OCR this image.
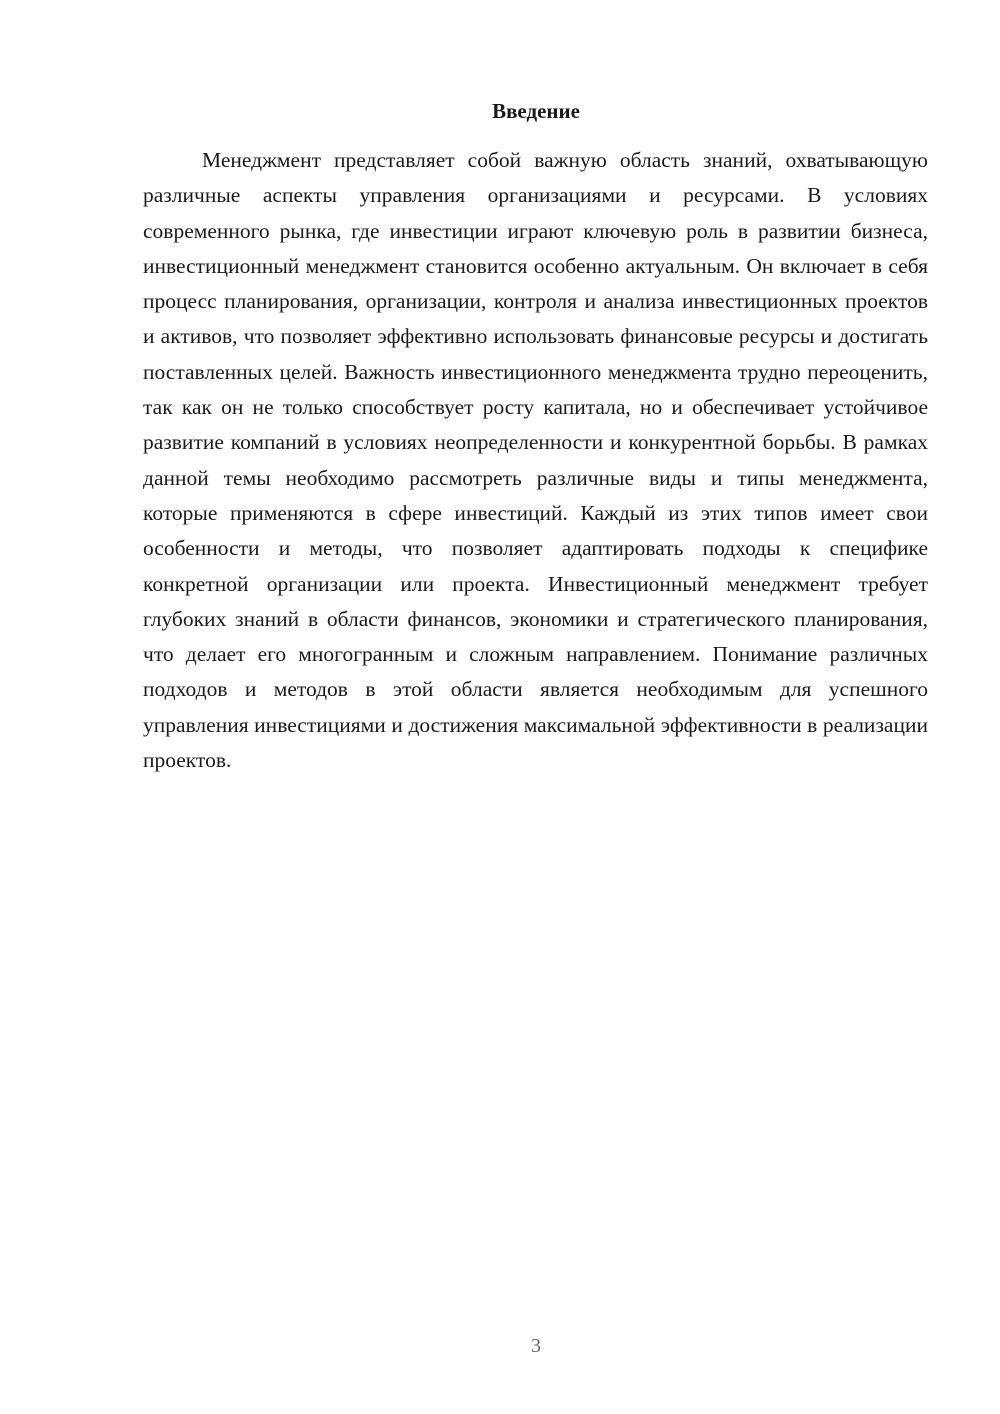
Введение

Менеджмент представляет собой важную область знаний, охватывающую различные аспекты управления организациями и ресурсами. В условиях современного рынка, где инвестиции играют ключевую роль в развитии бизнеса, инвестиционный менеджмент становится особенно актуальным. Он включает в себя процесс планирования, организации, контроля и анализа инвестиционных проектов и активов, что позволяет эффективно использовать финансовые ресурсы и достигать поставленных целей. Важность инвестиционного менеджмента трудно переоценить, так как он не только способствует росту капитала, но и обеспечивает устойчивое развитие компаний в условиях неопределенности и конкурентной борьбы. В рамках данной темы необходимо рассмотреть различные виды и типы менеджмента, которые применяются в сфере инвестиций. Каждый из этих типов имеет свои особенности и методы, что позволяет адаптировать подходы к специфике конкретной организации или проекта. Инвестиционный менеджмент требует глубоких знаний в области финансов, экономики и стратегического планирования, что делает его многогранным и сложным направлением. Понимание различных подходов и методов в этой области является необходимым для успешного управления инвестициями и достижения максимальной эффективности в реализации проектов.

3
